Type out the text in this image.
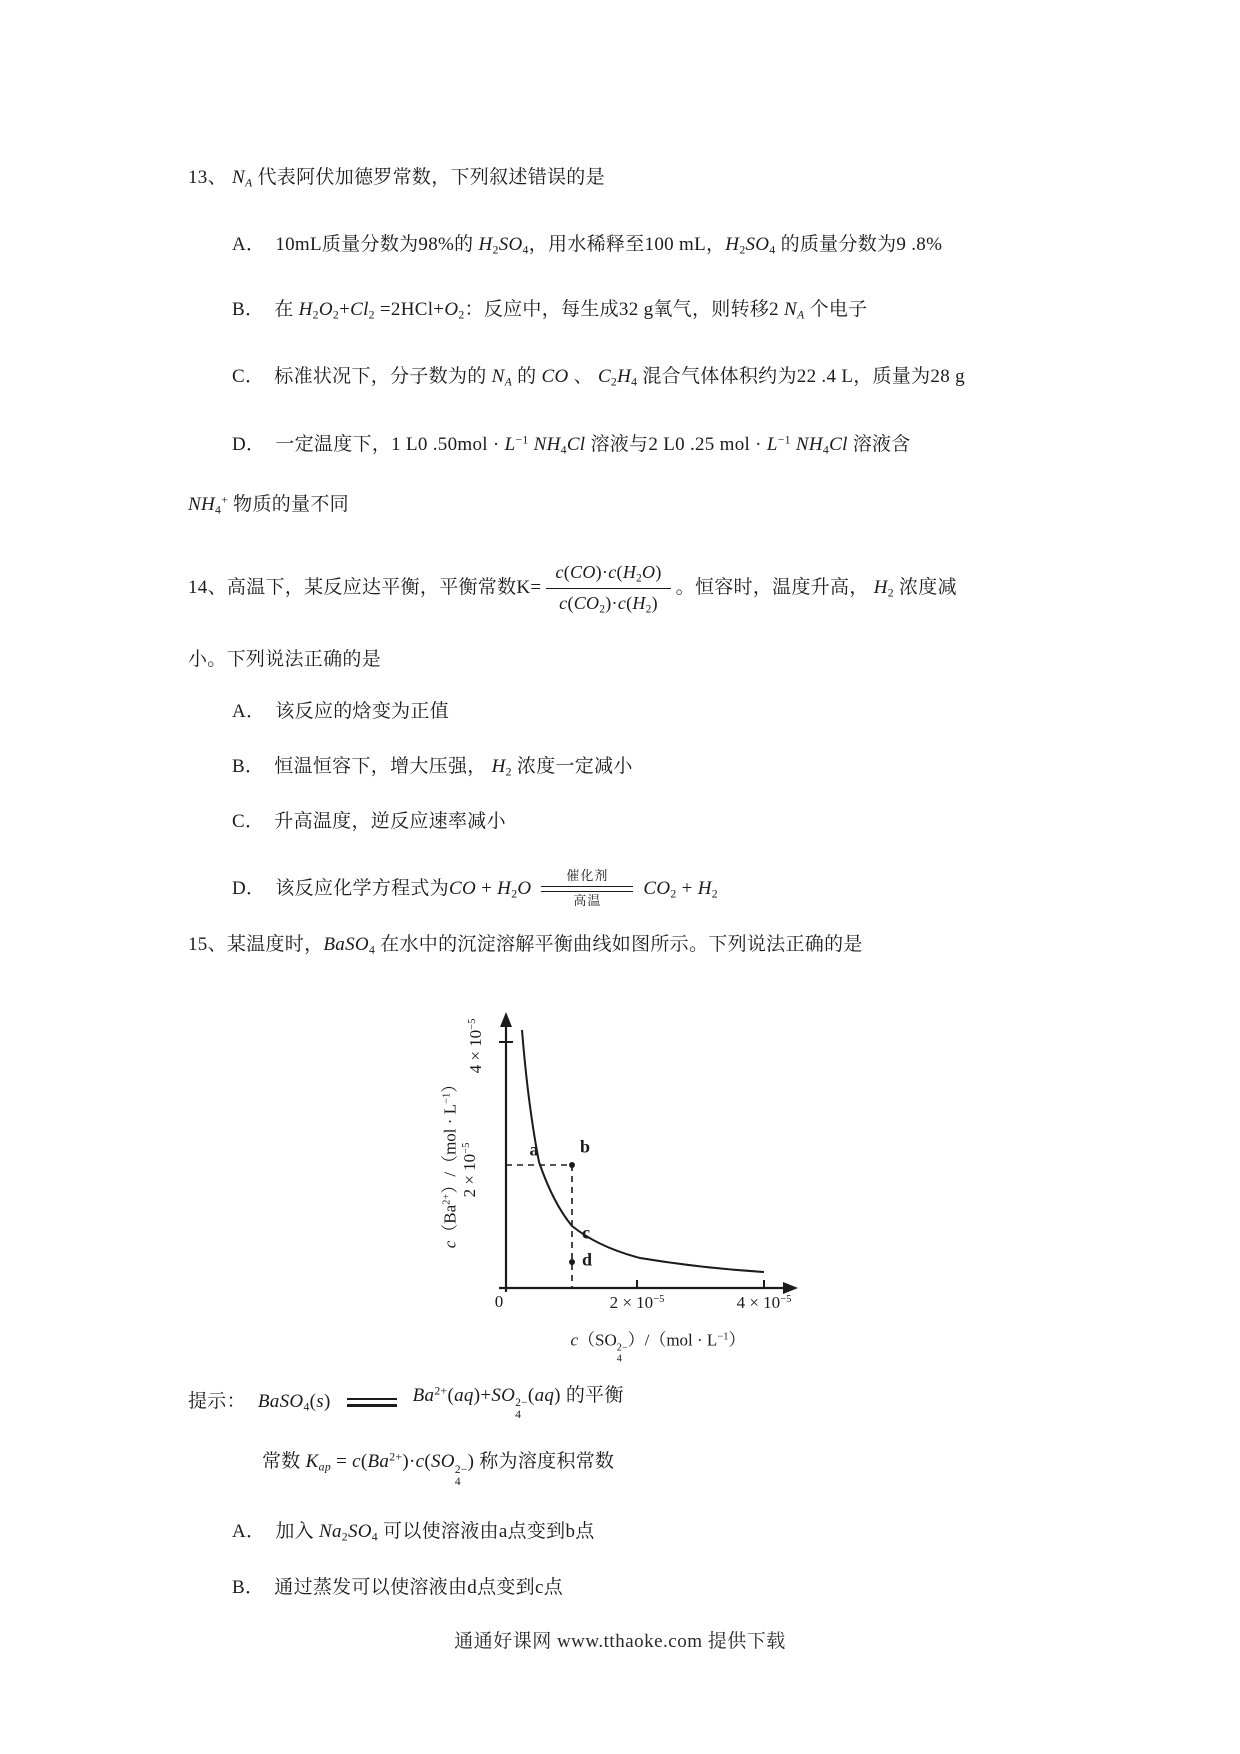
13、 $N_A$ 代表阿伏加德罗常数，下列叙述错误的是
A． 10mL质量分数为98%的 $H_2SO_4$，用水稀释至100 mL，$H_2SO_4$ 的质量分数为9 .8%
B． 在 $H_2O_2+Cl_2 =2HCl+O_2$：反应中，每生成32 g氧气，则转移2 $N_A$ 个电子
C． 标准状况下，分子数为的 $N_A$ 的 CO 、 $C_2H_4$ 混合气体体积约为22 .4 L，质量为28 g
D． 一定温度下，1 L0 $.50mol \cdot L^{-1}$ $NH_4Cl$ 溶液与2 L0 .25 mol · $L^{-1}$ $NH_4Cl$ 溶液含
$NH_4^+$ 物质的量不同
14、高温下，某反应达平衡，平衡常数$K= \frac{c(CO)\cdot c(H_2O)}{c(CO_2)\cdot c(H_2)}$ 。恒容时，温度升高， $H_2$ 浓度减
小。下列说法正确的是
A． 该反应的焓变为正值
B． 恒温恒容下，增大压强， $H_2$ 浓度一定减小
C． 升高温度，逆反应速率减小
D． 该反应化学方程式为CO + $H_2O$
催化剂
高温
$CO_2 + H_2$
15、某温度时，BaSO$_4$ 在水中的沉淀溶解平衡曲线如图所示。下列说法正确的是
$c(Ba^{2+})/(mol \cdot L^{-1})$
$4 \times 10^{-5}$
$2 \times 10^{-5}$
0	$2 \times 10^{-5}$	$4 \times 10^{-5}$
c（SO 2−
4
）$/(mol \cdot L^{-1})$
a b
c
d
提示： BaSO$_4$(s)	$Ba^{2+}(aq)+SO$ 2−
4
(aq) 的平衡
常数 $K_{ap} = c(Ba^{2+})\cdot c(SO$ 2−
4
) 称为溶度积常数
A． 加入 $Na_2SO_4$ 可以使溶液由a点变到b点
B． 通过蒸发可以使溶液由d点变到c点
通通好课网 www.tthaoke.com 提供下载
